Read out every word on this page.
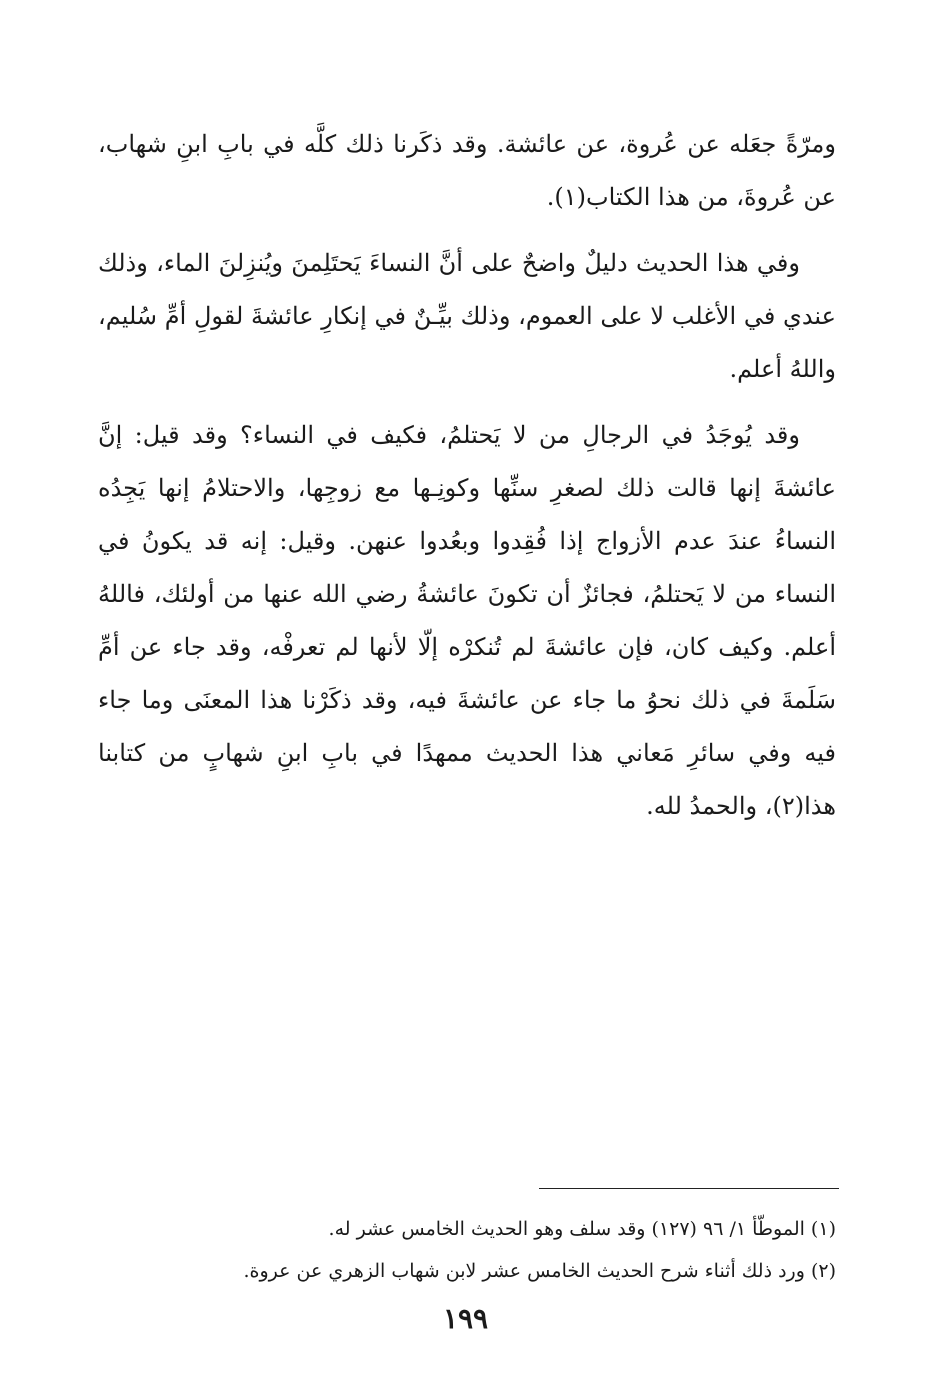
ومرّةً جعَله عن عُروة، عن عائشة. وقد ذكَرنا ذلك كلَّه في بابِ ابنِ شهاب، عن عُروةَ، من هذا الكتاب(١).

وفي هذا الحديث دليلٌ واضحٌ على أنَّ النساءَ يَحتَلِمنَ ويُنزِلنَ الماء، وذلك عندي في الأغلب لا على العموم، وذلك بيِّـنٌ في إنكارِ عائشةَ لقولِ أمِّ سُليم، واللهُ أعلم.

وقد يُوجَدُ في الرجالِ من لا يَحتلمُ، فكيف في النساء؟ وقد قيل: إنَّ عائشةَ إنها قالت ذلك لصغرِ سنِّها وكونِـها مع زوجِها، والاحتلامُ إنها يَجِدُه النساءُ عندَ عدم الأزواج إذا فُقِدوا وبعُدوا عنهن. وقيل: إنه قد يكونُ في النساء من لا يَحتلمُ، فجائزٌ أن تكونَ عائشةُ رضي الله عنها من أولئك، فاللهُ أعلم. وكيف كان، فإن عائشةَ لم تُنكرْه إلّا لأنها لم تعرفْه، وقد جاء عن أمِّ سَلَمةَ في ذلك نحوُ ما جاء عن عائشةَ فيه، وقد ذكَرْنا هذا المعنَى وما جاء فيه وفي سائرِ مَعاني هذا الحديث ممهدًا في بابِ ابنِ شهابٍ من كتابنا هذا(٢)، والحمدُ لله.

(١) الموطّأ ١/ ٩٦ (١٢٧) وقد سلف وهو الحديث الخامس عشر له.

(٢) ورد ذلك أثناء شرح الحديث الخامس عشر لابن شهاب الزهري عن عروة.

١٩٩
